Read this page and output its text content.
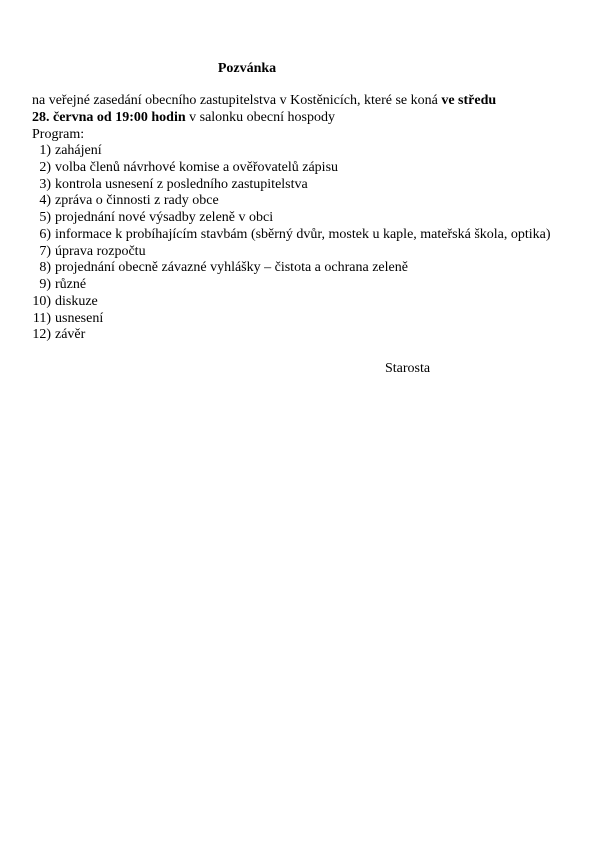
Pozvánka
na veřejné zasedání obecního zastupitelstva v Kostěnicích, které se koná ve středu
28. června od 19:00 hodin v salonku obecní hospody
Program:
1) zahájení
2) volba členů návrhové komise a ověřovatelů zápisu
3) kontrola usnesení z posledního zastupitelstva
4) zpráva o činnosti z rady obce
5) projednání nové výsadby zeleně v obci
6) informace k probíhajícím stavbám (sběrný dvůr, mostek u kaple, mateřská škola, optika)
7) úprava rozpočtu
8) projednání obecně závazné vyhlášky – čistota a ochrana zeleně
9) různé
10) diskuze
11) usnesení
12) závěr
Starosta
